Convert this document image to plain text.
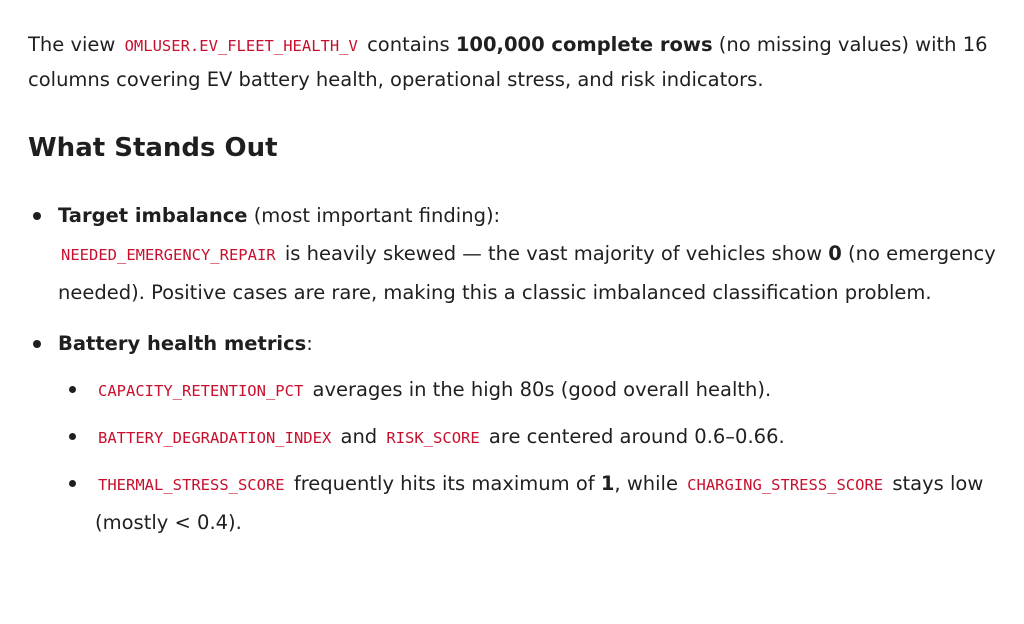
The view OMLUSER.EV_FLEET_HEALTH_V contains 100,000 complete rows (no missing values) with 16 columns covering EV battery health, operational stress, and risk indicators.

What Stands Out
Target imbalance (most important finding):
NEEDED_EMERGENCY_REPAIR is heavily skewed — the vast majority of vehicles show 0 (no emergency needed). Positive cases are rare, making this a classic imbalanced classification problem.
Battery health metrics:
CAPACITY_RETENTION_PCT averages in the high 80s (good overall health).
BATTERY_DEGRADATION_INDEX and RISK_SCORE are centered around 0.6–0.66.
THERMAL_STRESS_SCORE frequently hits its maximum of 1, while CHARGING_STRESS_SCORE stays low (mostly < 0.4).
